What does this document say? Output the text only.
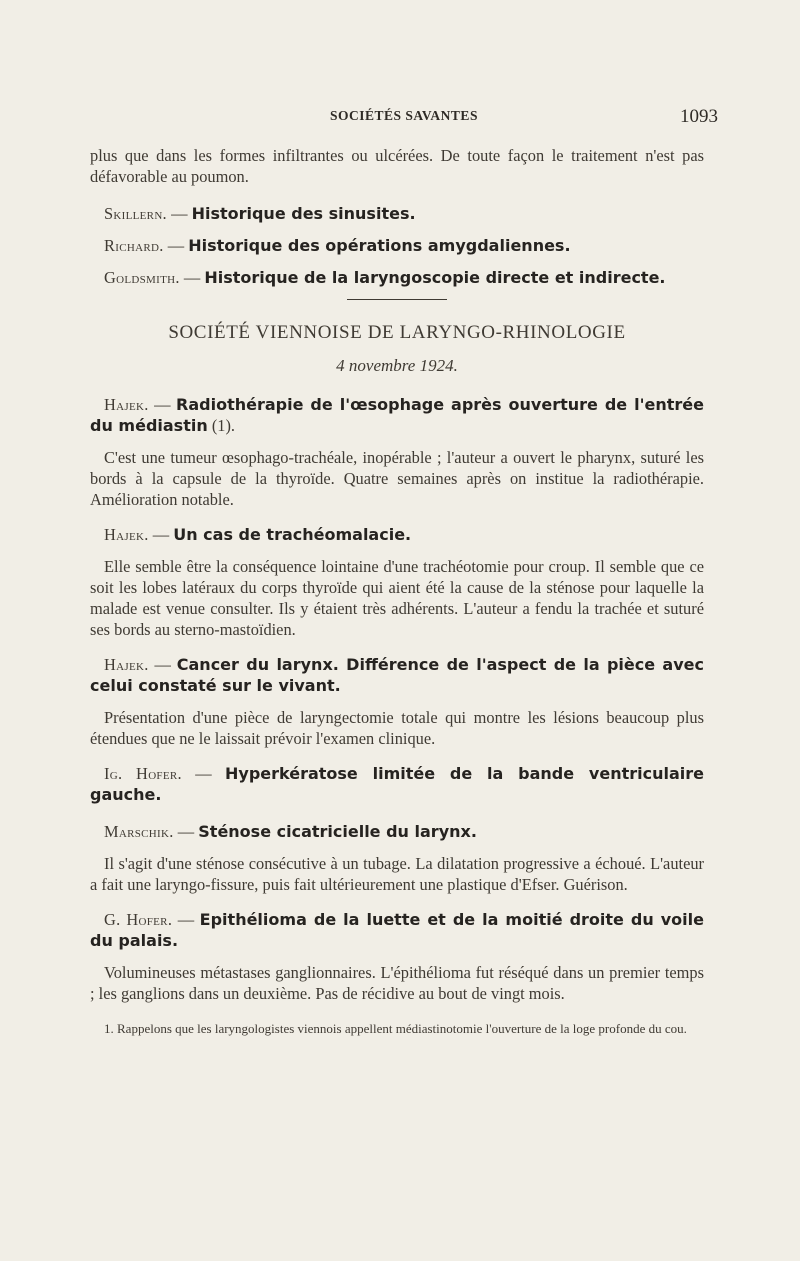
SOCIÉTÉS SAVANTES	1093

plus que dans les formes infiltrantes ou ulcérées. De toute façon le traitement n'est pas défavorable au poumon.

Skillern. — Historique des sinusites.
Richard. — Historique des opérations amygdaliennes.
Goldsmith. — Historique de la laryngoscopie directe et indirecte.

SOCIÉTÉ VIENNOISE DE LARYNGO-RHINOLOGIE

4 novembre 1924.

Hajek. — Radiothérapie de l'œsophage après ouverture de l'entrée du médiastin (1).

C'est une tumeur œsophago-trachéale, inopérable ; l'auteur a ouvert le pharynx, suturé les bords à la capsule de la thyroïde. Quatre semaines après on institue la radiothérapie. Amélioration notable.

Hajek. — Un cas de trachéomalacie.

Elle semble être la conséquence lointaine d'une trachéotomie pour croup. Il semble que ce soit les lobes latéraux du corps thyroïde qui aient été la cause de la sténose pour laquelle la malade est venue consulter. Ils y étaient très adhérents. L'auteur a fendu la trachée et suturé ses bords au sterno-mastoïdien.

Hajek. — Cancer du larynx. Différence de l'aspect de la pièce avec celui constaté sur le vivant.

Présentation d'une pièce de laryngectomie totale qui montre les lésions beaucoup plus étendues que ne le laissait prévoir l'examen clinique.

Ig. Hofer. — Hyperkératose limitée de la bande ventriculaire gauche.
Marschik. — Sténose cicatricielle du larynx.

Il s'agit d'une sténose consécutive à un tubage. La dilatation progressive a échoué. L'auteur a fait une laryngo-fissure, puis fait ultérieurement une plastique d'Efser. Guérison.

G. Hofer. — Epithélioma de la luette et de la moitié droite du voile du palais.

Volumineuses métastases ganglionnaires. L'épithélioma fut réséqué dans un premier temps ; les ganglions dans un deuxième. Pas de récidive au bout de vingt mois.

1. Rappelons que les laryngologistes viennois appellent médiastinotomie l'ouverture de la loge profonde du cou.
